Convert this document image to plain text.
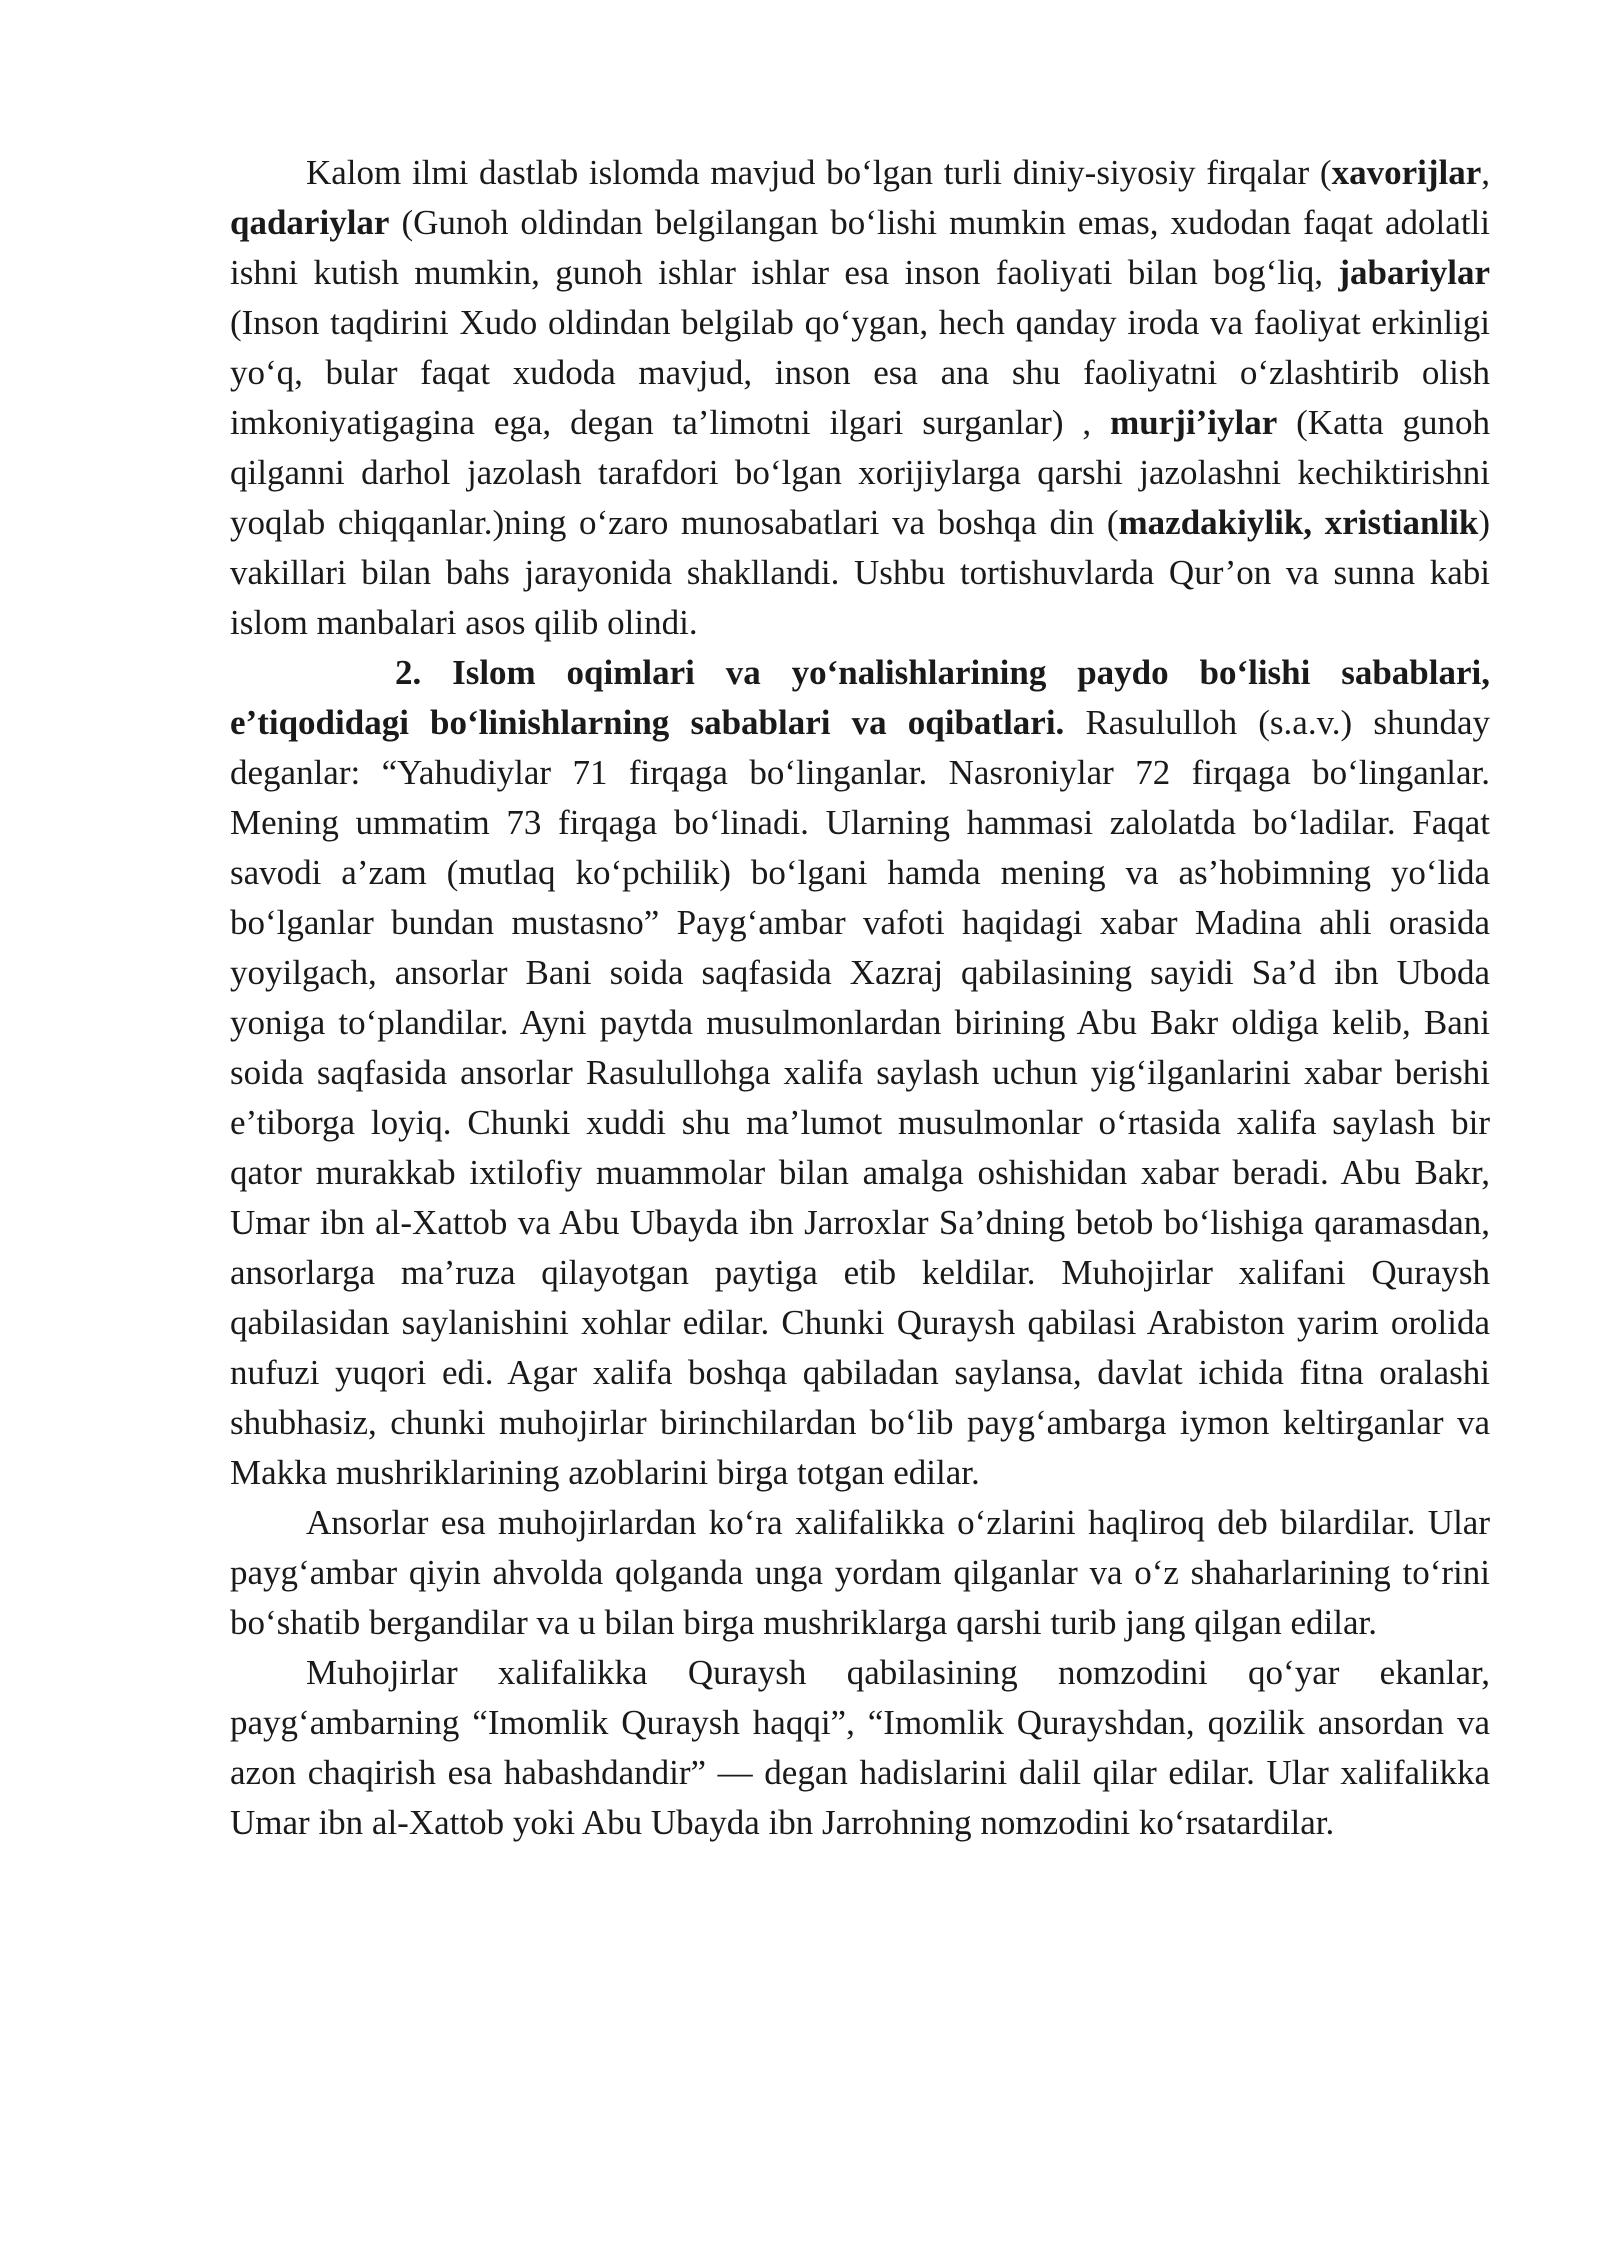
Kalom ilmi dastlab islomda mavjud bo‘lgan turli diniy-siyosiy firqalar (xavorijlar, qadariylar (Gunoh oldindan belgilangan bo‘lishi mumkin emas, xudodan faqat adolatli ishni kutish mumkin, gunoh ishlar ishlar esa inson faoliyati bilan bog‘liq, jabariylar (Inson taqdirini Xudo oldindan belgilab qo‘ygan, hech qanday iroda va faoliyat erkinligi yo‘q, bular faqat xudoda mavjud, inson esa ana shu faoliyatni o‘zlashtirib olish imkoniyatigagina ega, degan ta’limotni ilgari surganlar) , murji’iylar (Katta gunoh qilganni darhol jazolash tarafdori bo‘lgan xorijiylarga qarshi jazolashni kechiktirishni yoqlab chiqqanlar.)ning o‘zaro munosabatlari va boshqa din (mazdakiylik, xristianlik) vakillari bilan bahs jarayonida shakllandi. Ushbu tortishuvlarda Qur’on va sunna kabi islom manbalari asos qilib olindi.

2. Islom oqimlari va yo‘nalishlarining paydo bo‘lishi sabablari, e’tiqodidagi bo‘linishlarning sabablari va oqibatlari. Rasululloh (s.a.v.) shunday deganlar: “Yahudiylar 71 firqaga bo‘linganlar. Nasroniylar 72 firqaga bo‘linganlar. Mening ummatim 73 firqaga bo‘linadi. Ularning hammasi zalolatda bo‘ladilar. Faqat savodi a’zam (mutlaq ko‘pchilik) bo‘lgani hamda mening va as’hobimning yo‘lida bo‘lganlar bundan mustasno” Payg‘ambar vafoti haqidagi xabar Madina ahli orasida yoyilgach, ansorlar Bani soida saqfasida Xazraj qabilasining sayidi Sa’d ibn Uboda yoniga to‘plandilar. Ayni paytda musulmonlardan birining Abu Bakr oldiga kelib, Bani soida saqfasida ansorlar Rasulullohga xalifa saylash uchun yig‘ilganlarini xabar berishi e’tiborga loyiq. Chunki xuddi shu ma’lumot musulmonlar o‘rtasida xalifa saylash bir qator murakkab ixtilofiy muammolar bilan amalga oshishidan xabar beradi. Abu Bakr, Umar ibn al-Xattob va Abu Ubayda ibn Jarroxlar Sa’dning betob bo‘lishiga qaramasdan, ansorlarga ma’ruza qilayotgan paytiga etib keldilar. Muhojirlar xalifani Quraysh qabilasidan saylanishini xohlar edilar. Chunki Quraysh qabilasi Arabiston yarim orolida nufuzi yuqori edi. Agar xalifa boshqa qabiladan saylansa, davlat ichida fitna oralashi shubhasiz, chunki muhojirlar birinchilardan bo‘lib payg‘ambarga iymon keltirganlar va Makka mushriklarining azoblarini birga totgan edilar.

Ansorlar esa muhojirlardan ko‘ra xalifalikka o‘zlarini haqliroq deb bilardilar. Ular payg‘ambar qiyin ahvolda qolganda unga yordam qilganlar va o‘z shaharlarining to‘rini bo‘shatib bergandilar va u bilan birga mushriklarga qarshi turib jang qilgan edilar.

Muhojirlar xalifalikka Quraysh qabilasining nomzodini qo‘yar ekanlar, payg‘ambarning “Imomlik Quraysh haqqi”, “Imomlik Qurayshdan, qozilik ansordan va azon chaqirish esa habashdandir” — degan hadislarini dalil qilar edilar. Ular xalifalikka Umar ibn al-Xattob yoki Abu Ubayda ibn Jarrohning nomzodini ko‘rsatardilar.
